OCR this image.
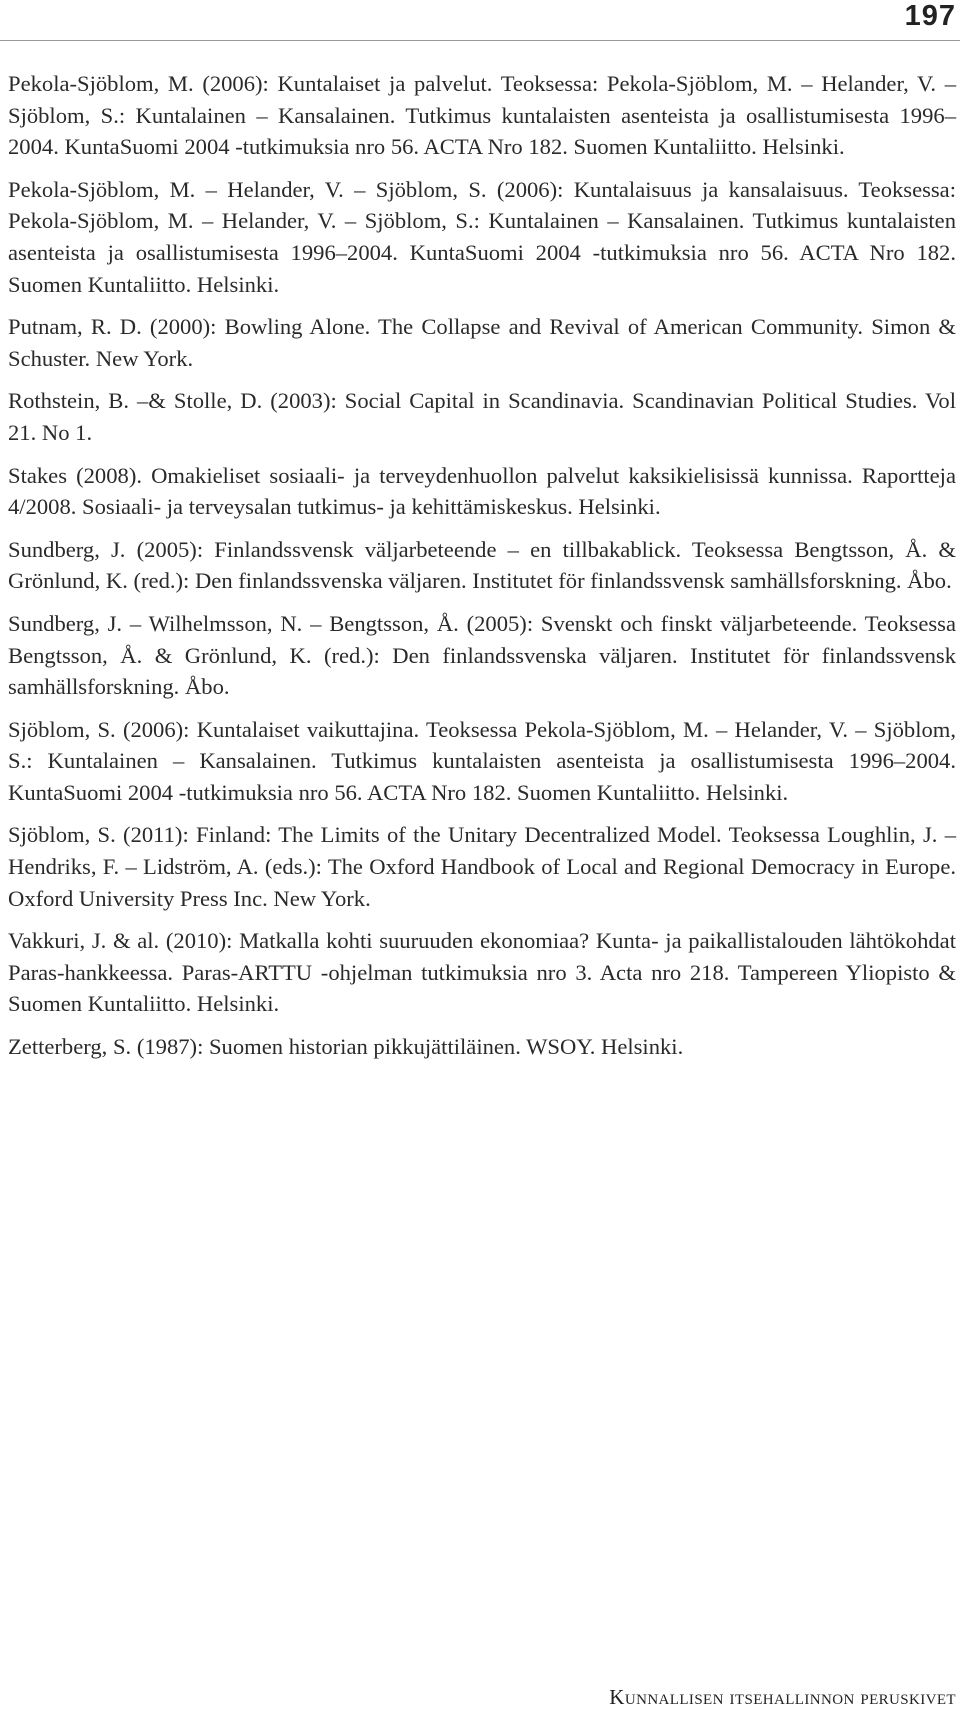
197
Pekola-Sjöblom, M. (2006): Kuntalaiset ja palvelut. Teoksessa: Pekola-Sjöblom, M. – Helander, V. – Sjöblom, S.: Kuntalainen – Kansalainen. Tutkimus kuntalaisten asenteista ja osallistumisesta 1996–2004. KuntaSuomi 2004 -tutkimuksia nro 56. ACTA Nro 182. Suomen Kuntaliitto. Helsinki.
Pekola-Sjöblom, M. – Helander, V. – Sjöblom, S. (2006): Kuntalaisuus ja kansalaisuus. Teoksessa: Pekola-Sjöblom, M. – Helander, V. – Sjöblom, S.: Kuntalainen – Kansalainen. Tutkimus kuntalaisten asenteista ja osallistumisesta 1996–2004. KuntaSuomi 2004 -tutkimuksia nro 56. ACTA Nro 182. Suomen Kuntaliitto. Helsinki.
Putnam, R. D. (2000): Bowling Alone. The Collapse and Revival of American Community. Simon & Schuster. New York.
Rothstein, B. –& Stolle, D. (2003): Social Capital in Scandinavia. Scandinavian Political Studies. Vol 21. No 1.
Stakes (2008). Omakieliset sosiaali- ja terveydenhuollon palvelut kaksikielisissä kunnissa. Raportteja 4/2008. Sosiaali- ja terveysalan tutkimus- ja kehittämiskeskus. Helsinki.
Sundberg, J. (2005): Finlandssvensk väljarbeteende – en tillbakablick. Teoksessa Bengtsson, Å. & Grönlund, K. (red.): Den finlandssvenska väljaren. Institutet för finlandssvensk samhällsforskning. Åbo.
Sundberg, J. – Wilhelmsson, N. – Bengtsson, Å. (2005): Svenskt och finskt väljarbeteende. Teoksessa Bengtsson, Å. & Grönlund, K. (red.): Den finlandssvenska väljaren. Institutet för finlandssvensk samhällsforskning. Åbo.
Sjöblom, S. (2006): Kuntalaiset vaikuttajina. Teoksessa Pekola-Sjöblom, M. – Helander, V. – Sjöblom, S.: Kuntalainen – Kansalainen. Tutkimus kuntalaisten asenteista ja osallistumisesta 1996–2004. KuntaSuomi 2004 -tutkimuksia nro 56. ACTA Nro 182. Suomen Kuntaliitto. Helsinki.
Sjöblom, S. (2011): Finland: The Limits of the Unitary Decentralized Model. Teoksessa Loughlin, J. – Hendriks, F. – Lidström, A. (eds.): The Oxford Handbook of Local and Regional Democracy in Europe. Oxford University Press Inc. New York.
Vakkuri, J. & al. (2010): Matkalla kohti suuruuden ekonomiaa? Kunta- ja paikallistalouden lähtökohdat Paras-hankkeessa. Paras-ARTTU -ohjelman tutkimuksia nro 3. Acta nro 218. Tampereen Yliopisto & Suomen Kuntaliitto. Helsinki.
Zetterberg, S. (1987): Suomen historian pikkujättiläinen. WSOY. Helsinki.
Kunnallisen itsehallinnon peruskivet
